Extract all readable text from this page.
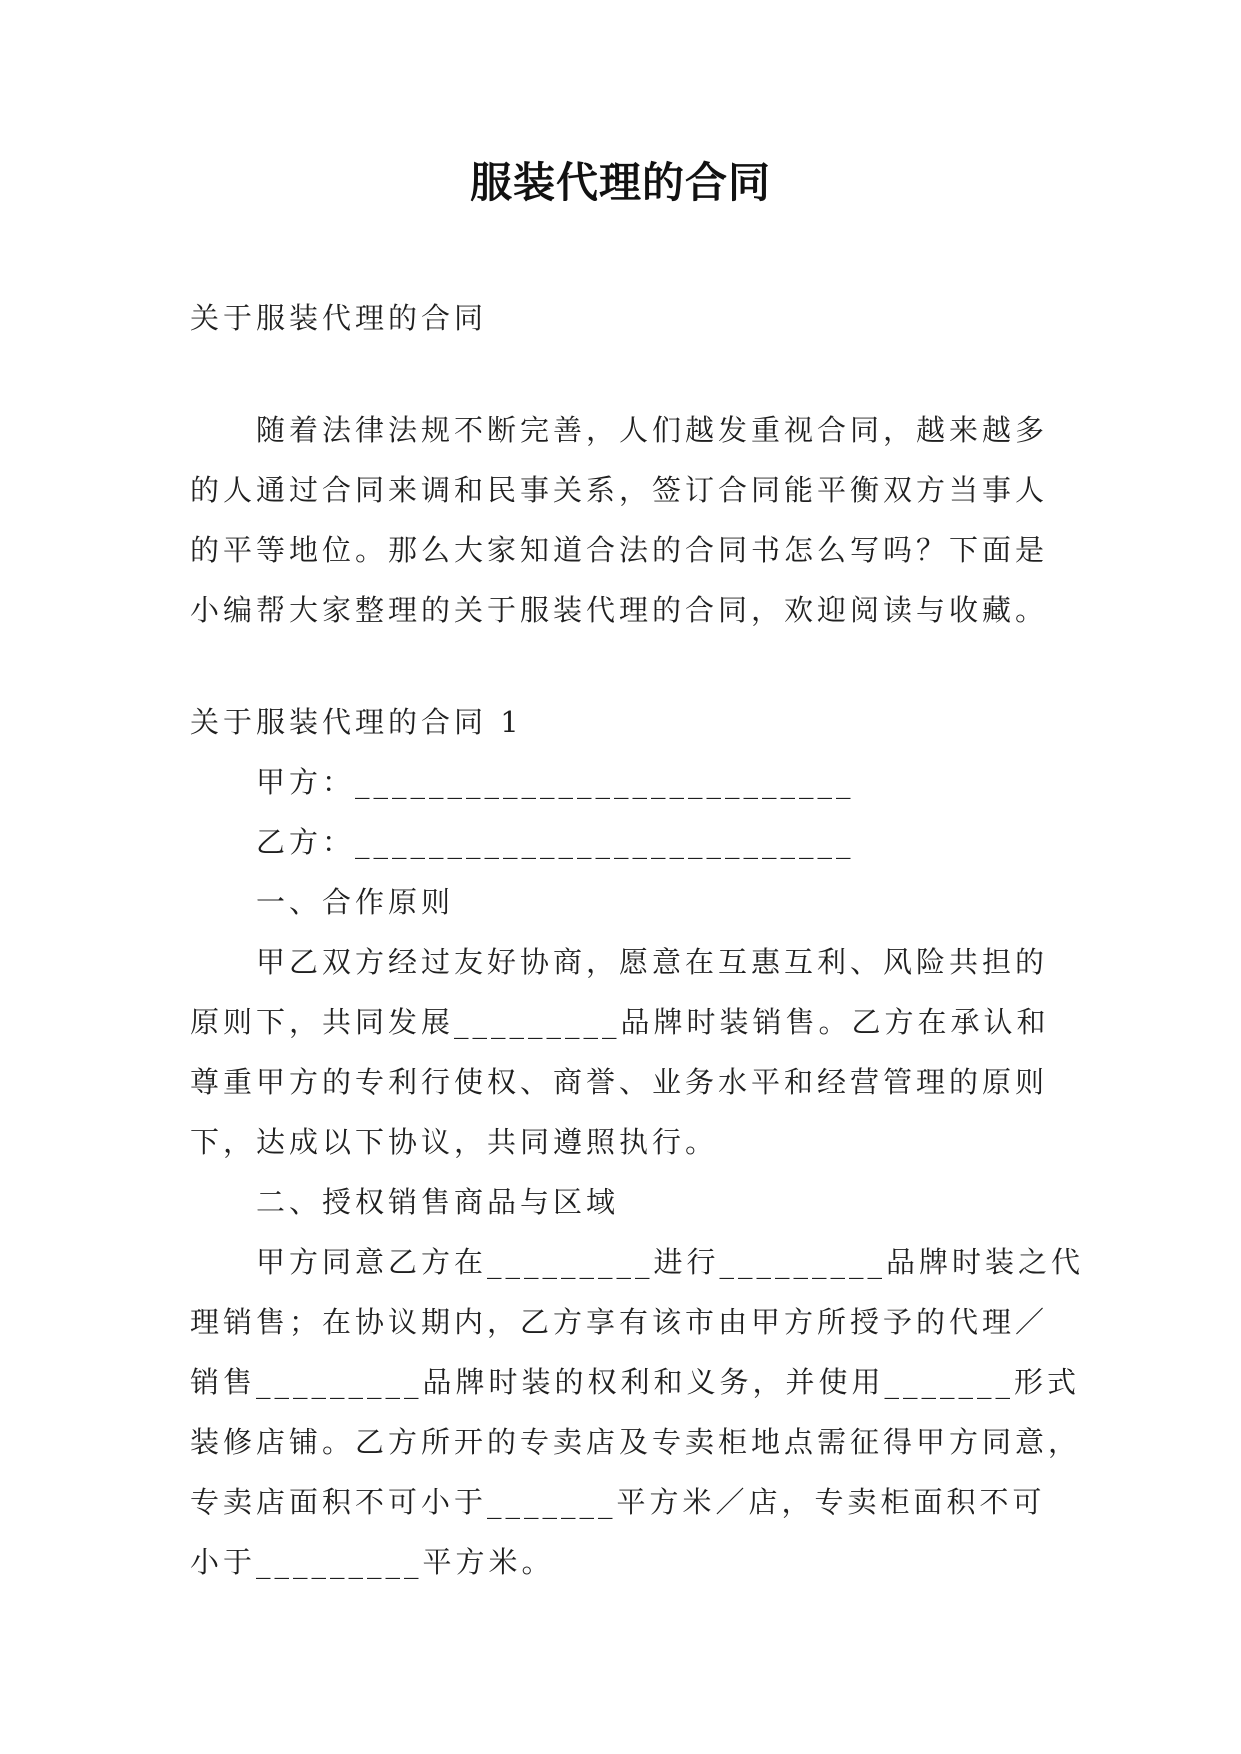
服装代理的合同
关于服装代理的合同
随着法律法规不断完善，人们越发重视合同，越来越多
的人通过合同来调和民事关系，签订合同能平衡双方当事人
的平等地位。那么大家知道合法的合同书怎么写吗？下面是
小编帮大家整理的关于服装代理的合同，欢迎阅读与收藏。
关于服装代理的合同 1
甲方：___________________________
乙方：___________________________
一、合作原则
甲乙双方经过友好协商，愿意在互惠互利、风险共担的
原则下，共同发展_________品牌时装销售。乙方在承认和
尊重甲方的专利行使权、商誉、业务水平和经营管理的原则
下，达成以下协议，共同遵照执行。
二、授权销售商品与区域
甲方同意乙方在_________进行_________品牌时装之代
理销售；在协议期内，乙方享有该市由甲方所授予的代理／
销售_________品牌时装的权利和义务，并使用_______形式
装修店铺。乙方所开的专卖店及专卖柜地点需征得甲方同意，
专卖店面积不可小于_______平方米／店，专卖柜面积不可
小于_________平方米。
